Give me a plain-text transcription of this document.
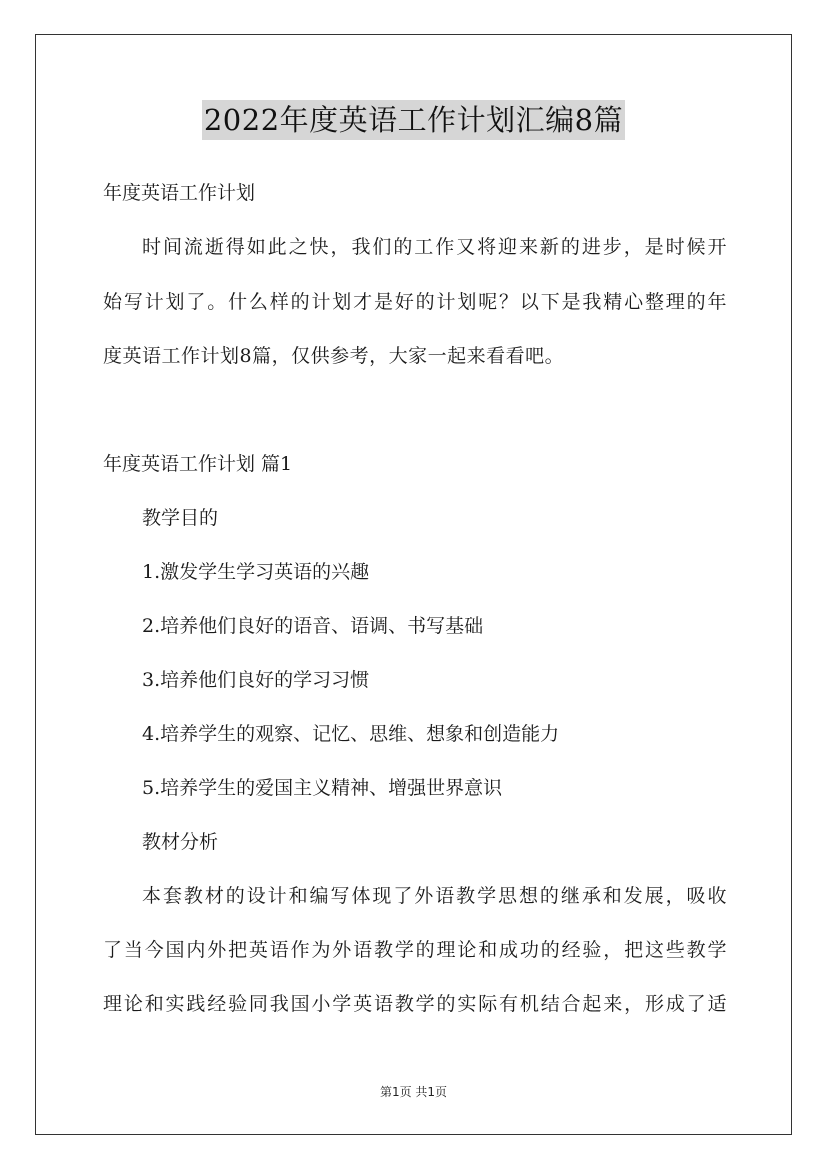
2022年度英语工作计划汇编8篇
年度英语工作计划
时间流逝得如此之快，我们的工作又将迎来新的进步，是时候开
始写计划了。什么样的计划才是好的计划呢？以下是我精心整理的年
度英语工作计划8篇，仅供参考，大家一起来看看吧。
年度英语工作计划 篇1
教学目的
1.激发学生学习英语的兴趣
2.培养他们良好的语音、语调、书写基础
3.培养他们良好的学习习惯
4.培养学生的观察、记忆、思维、想象和创造能力
5.培养学生的爱国主义精神、增强世界意识
教材分析
本套教材的设计和编写体现了外语教学思想的继承和发展，吸收
了当今国内外把英语作为外语教学的理论和成功的经验，把这些教学
理论和实践经验同我国小学英语教学的实际有机结合起来，形成了适
第1页 共1页
